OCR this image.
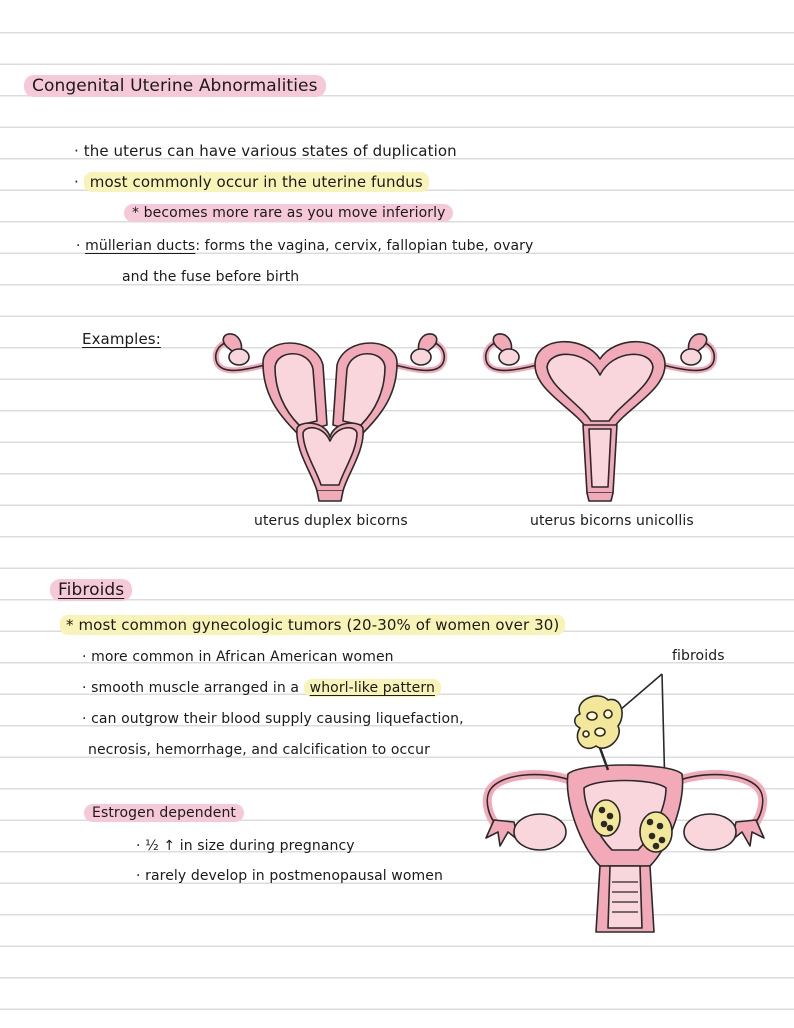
Congenital Uterine Abnormalities
· the uterus can have various states of duplication
· most commonly occur in the uterine fundus
* becomes more rare as you move inferiorly
· müllerian ducts: forms the vagina, cervix, fallopian tube, ovary
and the fuse before birth
Examples:
uterus duplex bicorns	uterus bicorns unicollis
Fibroids
* most common gynecologic tumors (20-30% of women over 30)
· more common in African American women
· smooth muscle arranged in a whorl-like pattern
· can outgrow their blood supply causing liquefaction,
necrosis, hemorrhage, and calcification to occur
Estrogen dependent
· ½ ↑ in size during pregnancy
· rarely develop in postmenopausal women
fibroids
